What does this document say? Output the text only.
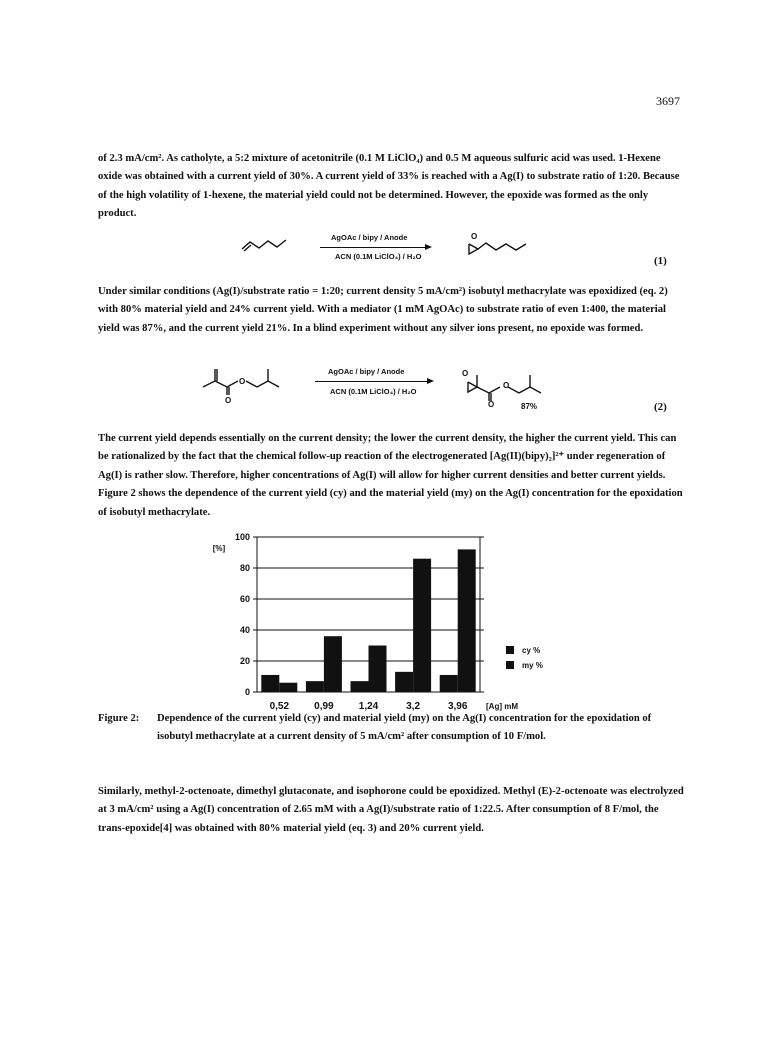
3697

of 2.3 mA/cm². As catholyte, a 5:2 mixture of acetonitrile (0.1 M LiClO₄) and 0.5 M aqueous sulfuric acid was used. 1-Hexene oxide was obtained with a current yield of 30%. A current yield of 33% is reached with a Ag(I) to substrate ratio of 1:20. Because of the high volatility of 1-hexene, the material yield could not be determined. However, the epoxide was formed as the only product.

AgOAc / bipy / Anode
ACN (0.1M LiClO₄) / H₂O
O
(1)

Under similar conditions (Ag(I)/substrate ratio = 1:20; current density 5 mA/cm²) isobutyl methacrylate was epoxidized (eq. 2) with 80% material yield and 24% current yield. With a mediator (1 mM AgOAc) to substrate ratio of even 1:400, the material yield was 87%, and the current yield 21%. In a blind experiment without any silver ions present, no epoxide was formed.

O
O
AgOAc / bipy / Anode
ACN (0.1M LiClO₄) / H₂O
O
O
O	87%	(2)

The current yield depends essentially on the current density; the lower the current density, the higher the current yield. This can be rationalized by the fact that the chemical follow-up reaction of the electrogenerated [Ag(II)(bipy)₂]²⁺ under regeneration of Ag(I) is rather slow. Therefore, higher concentrations of Ag(I) will allow for higher current densities and better current yields. Figure 2 shows the dependence of the current yield (cy) and the material yield (my) on the Ag(I) concentration for the epoxidation of isobutyl methacrylate.

0
20
40
60
80
100
[%]
0,52	0,99	1,24	3,2	3,96 [Ag] mM
cy %
my %
Figure 2: Dependence of the current yield (cy) and material yield (my) on the Ag(I) concentration for the epoxidation of isobutyl methacrylate at a current density of 5 mA/cm² after consumption of 10 F/mol.

Similarly, methyl-2-octenoate, dimethyl glutaconate, and isophorone could be epoxidized. Methyl (E)-2-octenoate was electrolyzed at 3 mA/cm² using a Ag(I) concentration of 2.65 mM with a Ag(I)/substrate ratio of 1:22.5. After consumption of 8 F/mol, the trans-epoxide[4] was obtained with 80% material yield (eq. 3) and 20% current yield.
